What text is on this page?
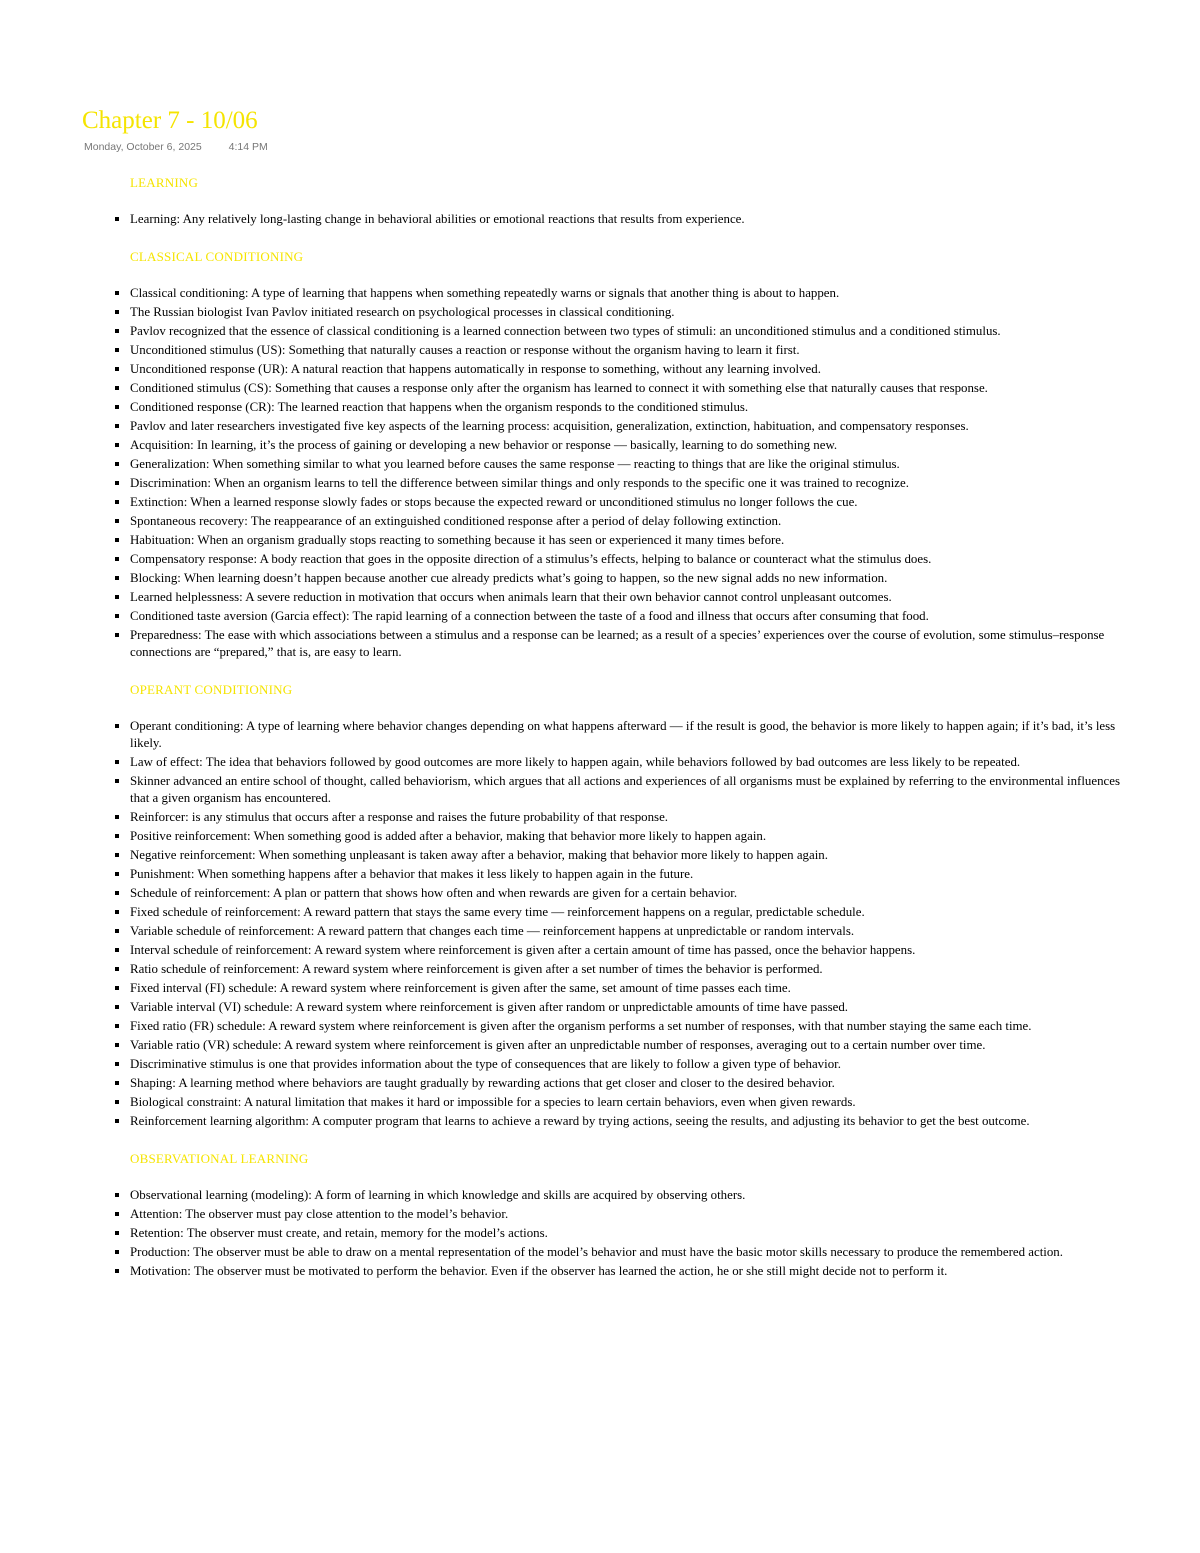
Chapter 7 - 10/06
Monday, October 6, 2025	4:14 PM
LEARNING
Learning: Any relatively long-lasting change in behavioral abilities or emotional reactions that results from experience.
CLASSICAL CONDITIONING
Classical conditioning: A type of learning that happens when something repeatedly warns or signals that another thing is about to happen.
The Russian biologist Ivan Pavlov initiated research on psychological processes in classical conditioning.
Pavlov recognized that the essence of classical conditioning is a learned connection between two types of stimuli: an unconditioned stimulus and a conditioned stimulus.
Unconditioned stimulus (US): Something that naturally causes a reaction or response without the organism having to learn it first.
Unconditioned response (UR): A natural reaction that happens automatically in response to something, without any learning involved.
Conditioned stimulus (CS): Something that causes a response only after the organism has learned to connect it with something else that naturally causes that response.
Conditioned response (CR): The learned reaction that happens when the organism responds to the conditioned stimulus.
Pavlov and later researchers investigated five key aspects of the learning process: acquisition, generalization, extinction, habituation, and compensatory responses.
Acquisition: In learning, it’s the process of gaining or developing a new behavior or response — basically, learning to do something new.
Generalization: When something similar to what you learned before causes the same response — reacting to things that are like the original stimulus.
Discrimination: When an organism learns to tell the difference between similar things and only responds to the specific one it was trained to recognize.
Extinction: When a learned response slowly fades or stops because the expected reward or unconditioned stimulus no longer follows the cue.
Spontaneous recovery: The reappearance of an extinguished conditioned response after a period of delay following extinction.
Habituation: When an organism gradually stops reacting to something because it has seen or experienced it many times before.
Compensatory response: A body reaction that goes in the opposite direction of a stimulus’s effects, helping to balance or counteract what the stimulus does.
Blocking: When learning doesn’t happen because another cue already predicts what’s going to happen, so the new signal adds no new information.
Learned helplessness: A severe reduction in motivation that occurs when animals learn that their own behavior cannot control unpleasant outcomes.
Conditioned taste aversion (Garcia effect): The rapid learning of a connection between the taste of a food and illness that occurs after consuming that food.
Preparedness: The ease with which associations between a stimulus and a response can be learned; as a result of a species’ experiences over the course of evolution, some stimulus–response connections are “prepared,” that is, are easy to learn.
OPERANT CONDITIONING
Operant conditioning: A type of learning where behavior changes depending on what happens afterward — if the result is good, the behavior is more likely to happen again; if it’s bad, it’s less likely.
Law of effect: The idea that behaviors followed by good outcomes are more likely to happen again, while behaviors followed by bad outcomes are less likely to be repeated.
Skinner advanced an entire school of thought, called behaviorism, which argues that all actions and experiences of all organisms must be explained by referring to the environmental influences that a given organism has encountered.
Reinforcer: is any stimulus that occurs after a response and raises the future probability of that response.
Positive reinforcement: When something good is added after a behavior, making that behavior more likely to happen again.
Negative reinforcement: When something unpleasant is taken away after a behavior, making that behavior more likely to happen again.
Punishment: When something happens after a behavior that makes it less likely to happen again in the future.
Schedule of reinforcement: A plan or pattern that shows how often and when rewards are given for a certain behavior.
Fixed schedule of reinforcement: A reward pattern that stays the same every time — reinforcement happens on a regular, predictable schedule.
Variable schedule of reinforcement: A reward pattern that changes each time — reinforcement happens at unpredictable or random intervals.
Interval schedule of reinforcement: A reward system where reinforcement is given after a certain amount of time has passed, once the behavior happens.
Ratio schedule of reinforcement: A reward system where reinforcement is given after a set number of times the behavior is performed.
Fixed interval (FI) schedule: A reward system where reinforcement is given after the same, set amount of time passes each time.
Variable interval (VI) schedule: A reward system where reinforcement is given after random or unpredictable amounts of time have passed.
Fixed ratio (FR) schedule: A reward system where reinforcement is given after the organism performs a set number of responses, with that number staying the same each time.
Variable ratio (VR) schedule: A reward system where reinforcement is given after an unpredictable number of responses, averaging out to a certain number over time.
Discriminative stimulus is one that provides information about the type of consequences that are likely to follow a given type of behavior.
Shaping: A learning method where behaviors are taught gradually by rewarding actions that get closer and closer to the desired behavior.
Biological constraint: A natural limitation that makes it hard or impossible for a species to learn certain behaviors, even when given rewards.
Reinforcement learning algorithm: A computer program that learns to achieve a reward by trying actions, seeing the results, and adjusting its behavior to get the best outcome.
OBSERVATIONAL LEARNING
Observational learning (modeling): A form of learning in which knowledge and skills are acquired by observing others.
Attention: The observer must pay close attention to the model’s behavior.
Retention: The observer must create, and retain, memory for the model’s actions.
Production: The observer must be able to draw on a mental representation of the model’s behavior and must have the basic motor skills necessary to produce the remembered action.
Motivation: The observer must be motivated to perform the behavior. Even if the observer has learned the action, he or she still might decide not to perform it.
